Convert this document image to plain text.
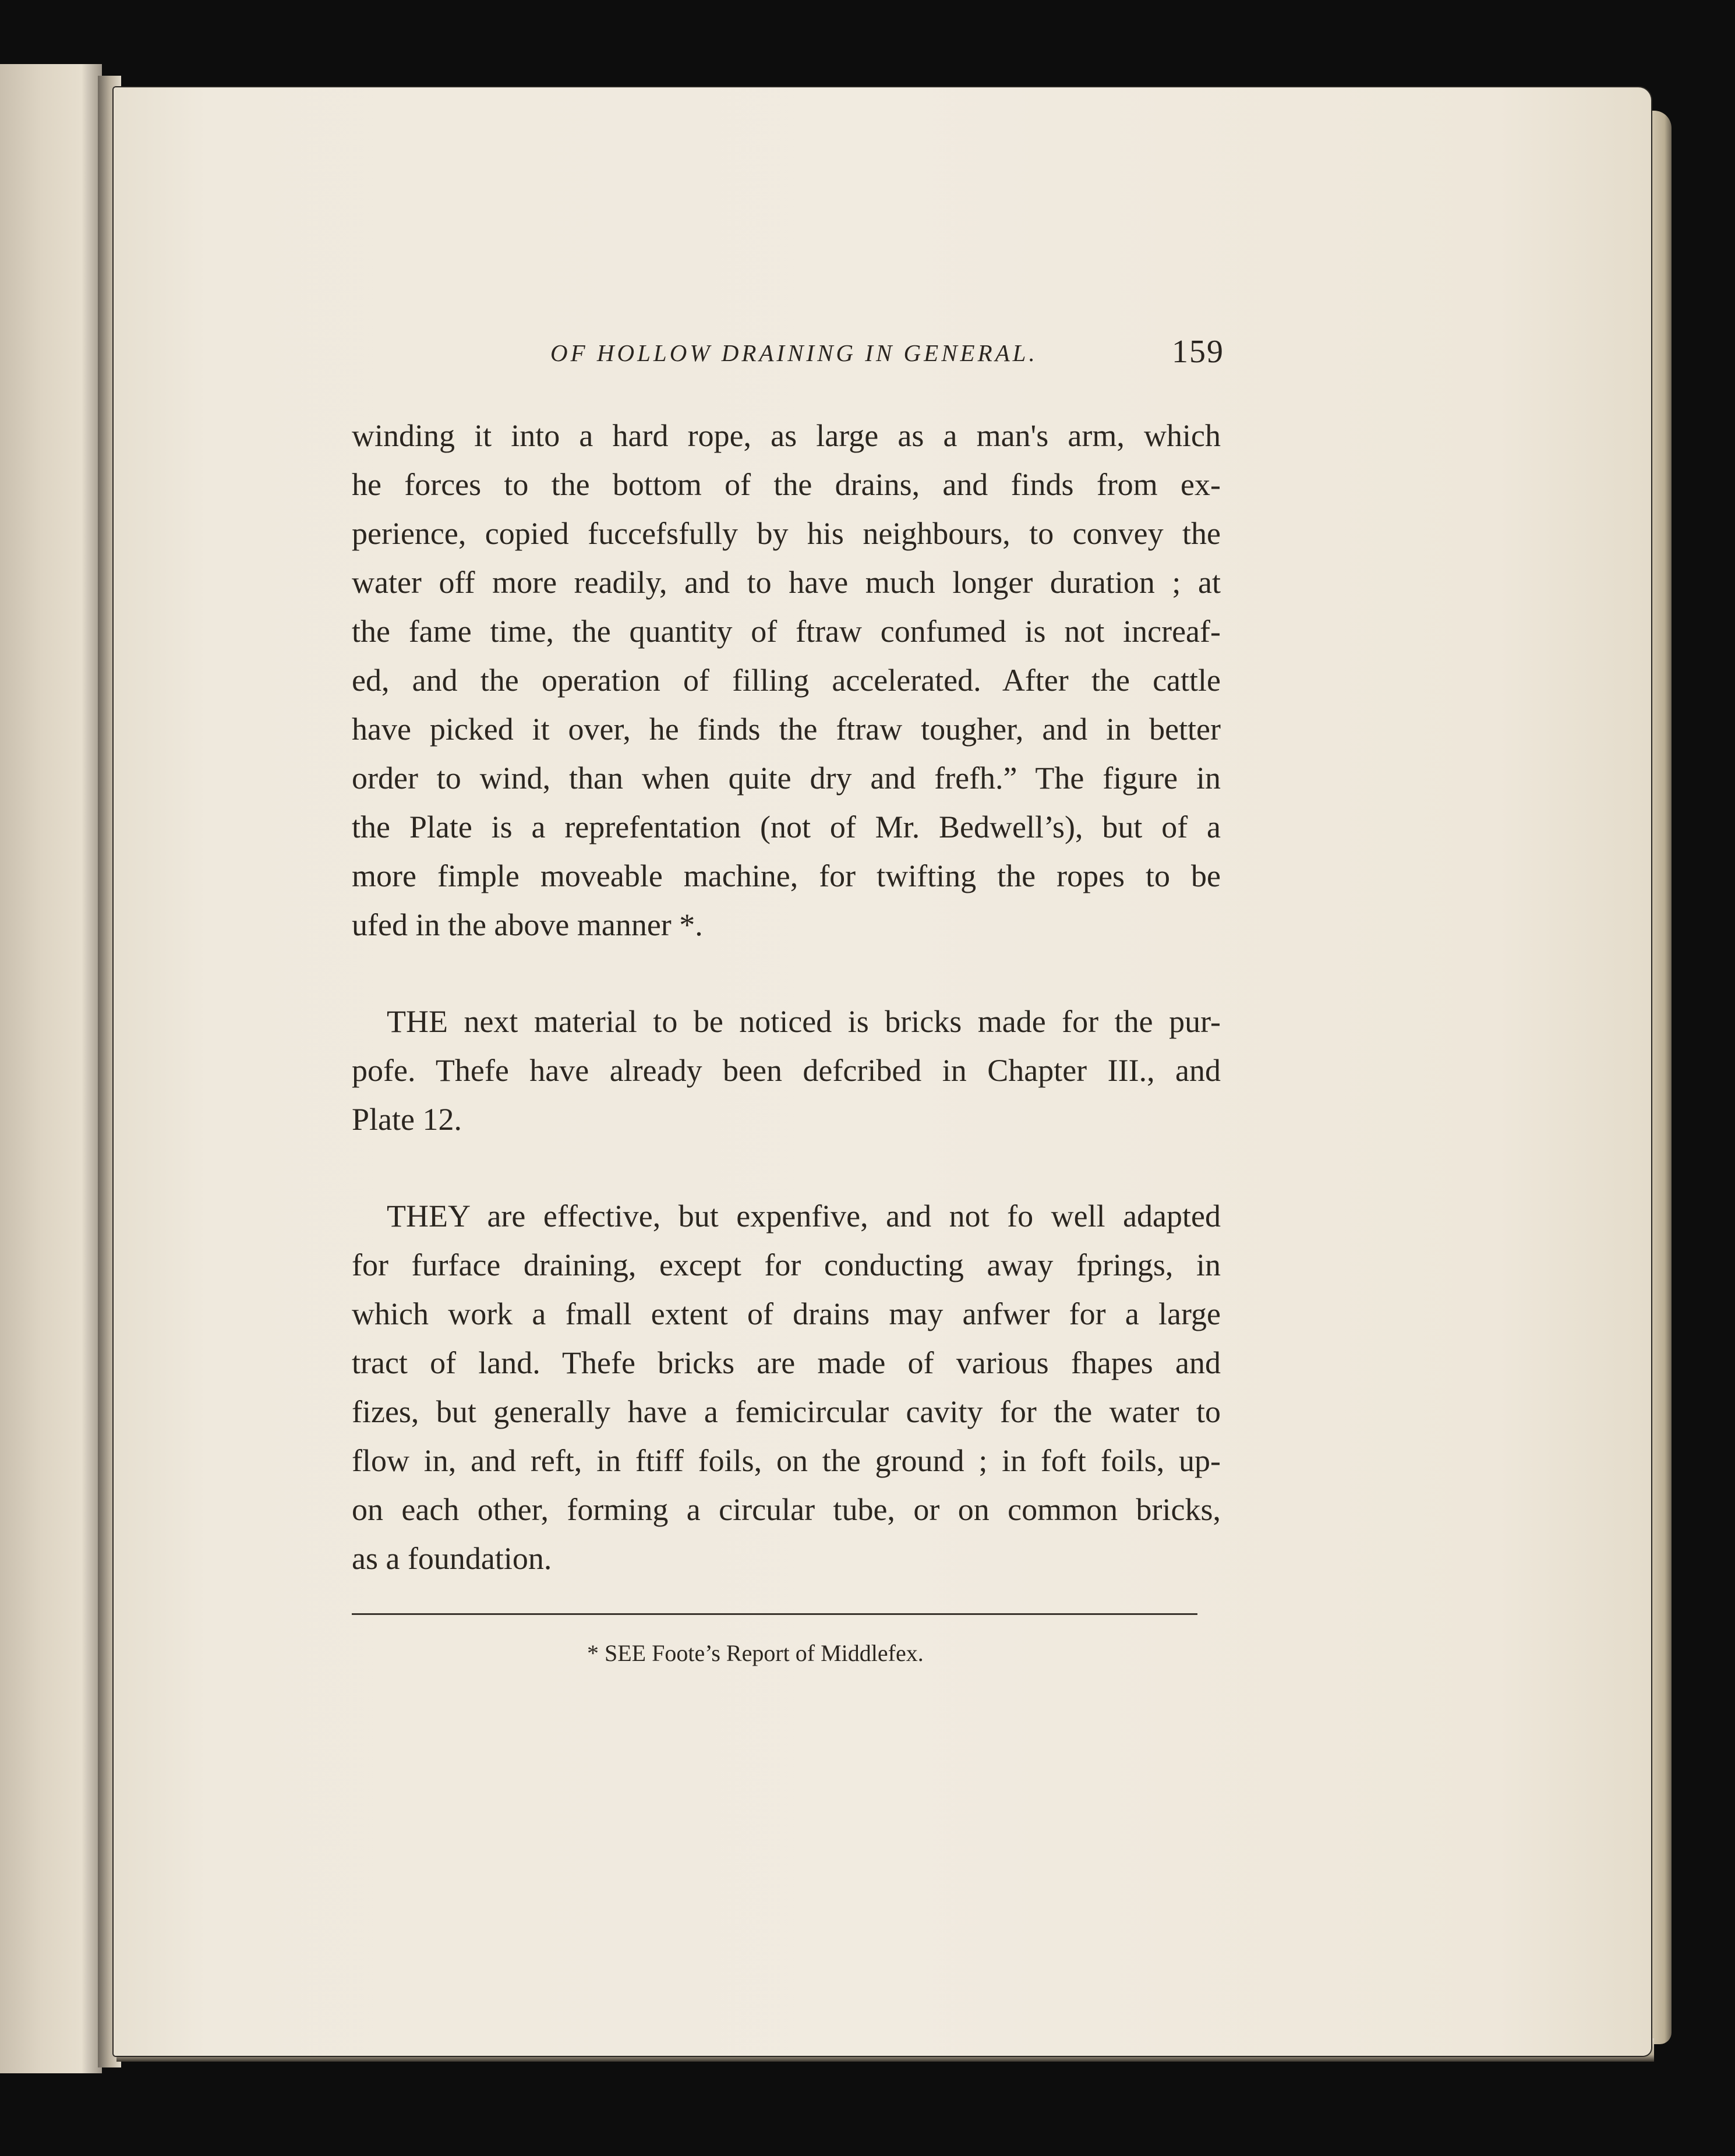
OF HOLLOW DRAINING IN GENERAL.	159
winding it into a hard rope, as large as a man's arm, which
he forces to the bottom of the drains, and finds from ex-
perience, copied fuccefsfully by his neighbours, to convey the
water off more readily, and to have much longer duration ; at
the fame time, the quantity of ftraw confumed is not increaf-
ed, and the operation of filling accelerated. After the cattle
have picked it over, he finds the ftraw tougher, and in better
order to wind, than when quite dry and frefh.” The figure in
the Plate is a reprefentation (not of Mr. Bedwell’s), but of a
more fimple moveable machine, for twifting the ropes to be
ufed in the above manner *.
THE next material to be noticed is bricks made for the pur-
pofe. Thefe have already been defcribed in Chapter III., and
Plate 12.
THEY are effective, but expenfive, and not fo well adapted
for furface draining, except for conducting away fprings, in
which work a fmall extent of drains may anfwer for a large
tract of land. Thefe bricks are made of various fhapes and
fizes, but generally have a femicircular cavity for the water to
flow in, and reft, in ftiff foils, on the ground ; in foft foils, up-
on each other, forming a circular tube, or on common bricks,
as a foundation.
* SEE Foote’s Report of Middlefex.
